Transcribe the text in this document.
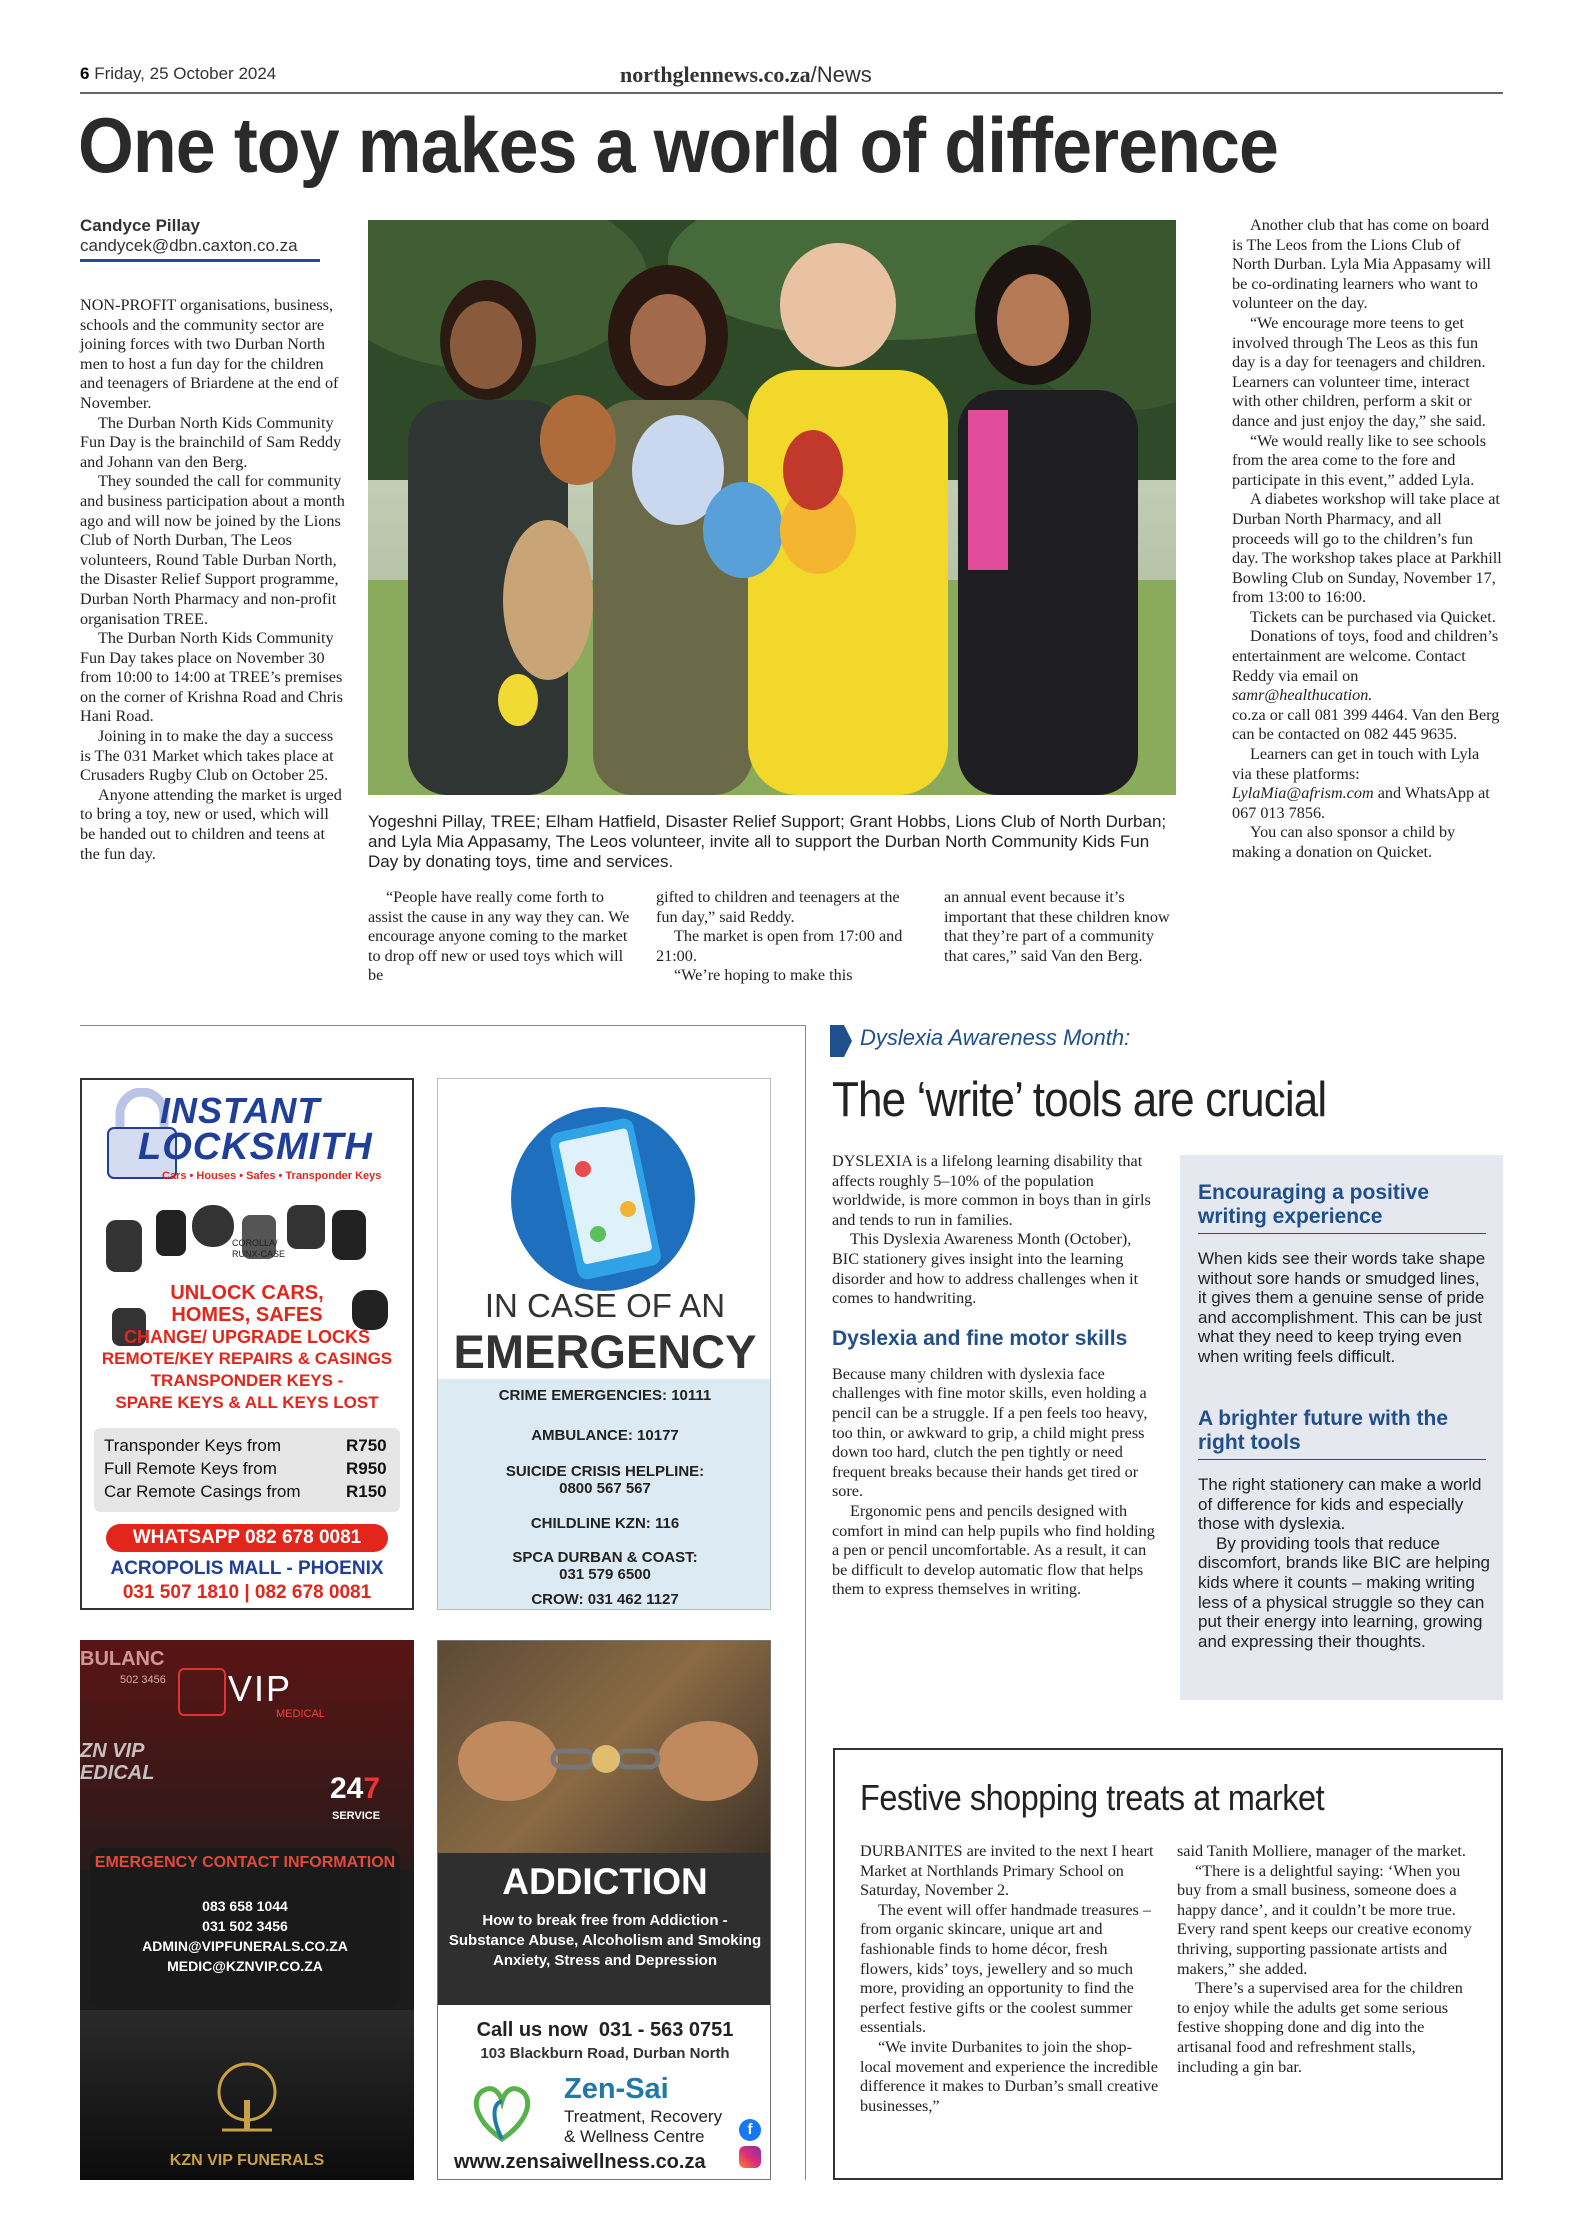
6 Friday, 25 October 2024	northglennews.co.za/News
One toy makes a world of difference
Candyce Pillay
candycek@dbn.caxton.co.za

NON-PROFIT organisations, business, schools and the community sector are joining forces with two Durban North men to host a fun day for the children and teenagers of Briardene at the end of November.

The Durban North Kids Community Fun Day is the brainchild of Sam Reddy and Johann van den Berg.

They sounded the call for community and business participation about a month ago and will now be joined by the Lions Club of North Durban, The Leos volunteers, Round Table Durban North, the Disaster Relief Support programme, Durban North Pharmacy and non-profit organisation TREE.

The Durban North Kids Community Fun Day takes place on November 30 from 10:00 to 14:00 at TREE’s premises on the corner of Krishna Road and Chris Hani Road.

Joining in to make the day a success is The 031 Market which takes place at Crusaders Rugby Club on October 25.

Anyone attending the market is urged to bring a toy, new or used, which will be handed out to children and teens at the fun day.

Yogeshni Pillay, TREE; Elham Hatfield, Disaster Relief Support; Grant Hobbs, Lions Club of North Durban; and Lyla Mia Appasamy, The Leos volunteer, invite all to support the Durban North Community Kids Fun Day by donating toys, time and services.

“People have really come forth to assist the cause in any way they can. We encourage anyone coming to the market to drop off new or used toys which will be

gifted to children and teenagers at the fun day,” said Reddy.

The market is open from 17:00 and 21:00.

“We’re hoping to make this

an annual event because it’s important that these children know that they’re part of a community that cares,” said Van den Berg.

Another club that has come on board is The Leos from the Lions Club of North Durban. Lyla Mia Appasamy will be co-ordinating learners who want to volunteer on the day.

“We encourage more teens to get involved through The Leos as this fun day is a day for teenagers and children. Learners can volunteer time, interact with other children, perform a skit or dance and just enjoy the day,” she said.

“We would really like to see schools from the area come to the fore and participate in this event,” added Lyla.

A diabetes workshop will take place at Durban North Pharmacy, and all proceeds will go to the children’s fun day. The workshop takes place at Parkhill Bowling Club on Sunday, November 17, from 13:00 to 16:00.

Tickets can be purchased via Quicket.

Donations of toys, food and children’s entertainment are welcome. Contact Reddy via email on samr@healthucation.
co.za or call 081 399 4464. Van den Berg can be contacted on 082 445 9635.

Learners can get in touch with Lyla via these platforms: LylaMia@afrism.com and WhatsApp at 067 013 7856.

You can also sponsor a child by making a donation on Quicket.

INSTANT
LOCKSMITH
Cars • Houses • Safes • Transponder Keys
COROLLA/ RUNX-CASE
UNLOCK CARS,
HOMES, SAFES
CHANGE/ UPGRADE LOCKS
REMOTE/KEY REPAIRS & CASINGS
TRANSPONDER KEYS -
SPARE KEYS & ALL KEYS LOST
Transponder Keys from
Full Remote Keys from
Car Remote Casings from
R750
R950
R150
WHATSAPP 082 678 0081
ACROPOLIS MALL - PHOENIX
031 507 1810 | 082 678 0081
IN CASE OF AN
EMERGENCY
CRIME EMERGENCIES: 10111
AMBULANCE: 10177
SUICIDE CRISIS HELPLINE:
0800 567 567
CHILDLINE KZN: 116
SPCA DURBAN & COAST:
031 579 6500
CROW: 031 462 1127
BULANC
502 3456
ZN VIP
EDICAL
VIP
MEDICAL
247
SERVICE
EMERGENCY CONTACT INFORMATION
083 658 1044
031 502 3456
ADMIN@VIPFUNERALS.CO.ZA
MEDIC@KZNVIP.CO.ZA
KZN VIP FUNERALS
ADDICTION
How to break free from Addiction -
Substance Abuse, Alcoholism and Smoking
Anxiety, Stress and Depression
Call us now  031 - 563 0751
103 Blackburn Road, Durban North
Zen-Sai
Treatment, Recovery
& Wellness Centre	f
www.zensaiwellness.co.za
Dyslexia Awareness Month:
The ‘write’ tools are crucial

DYSLEXIA is a lifelong learning disability that affects roughly 5–10% of the population worldwide, is more common in boys than in girls and tends to run in families.

This Dyslexia Awareness Month (October), BIC stationery gives insight into the learning disorder and how to address challenges when it comes to handwriting.

Dyslexia and fine motor skills

Because many children with dyslexia face challenges with fine motor skills, even holding a pencil can be a struggle. If a pen feels too heavy, too thin, or awkward to grip, a child might press down too hard, clutch the pen tightly or need frequent breaks because their hands get tired or sore.

Ergonomic pens and pencils designed with comfort in mind can help pupils who find holding a pen or pencil uncomfortable. As a result, it can be difficult to develop automatic flow that helps them to express themselves in writing.

Encouraging a positive writing experience

When kids see their words take shape without sore hands or smudged lines, it gives them a genuine sense of pride and accomplishment. This can be just what they need to keep trying even when writing feels difficult.

A brighter future with the right tools

The right stationery can make a world of difference for kids and especially those with dyslexia.

By providing tools that reduce discomfort, brands like BIC are helping kids where it counts – making writing less of a physical struggle so they can put their energy into learning, growing and expressing their thoughts.

Festive shopping treats at market

DURBANITES are invited to the next I heart Market at Northlands Primary School on Saturday, November 2.

The event will offer handmade treasures – from organic skincare, unique art and fashionable finds to home décor, fresh flowers, kids’ toys, jewellery and so much more, providing an opportunity to find the perfect festive gifts or the coolest summer essentials.

“We invite Durbanites to join the shop-local movement and experience the incredible difference it makes to Durban’s small creative businesses,”

said Tanith Molliere, manager of the market.

“There is a delightful saying: ‘When you buy from a small business, someone does a happy dance’, and it couldn’t be more true. Every rand spent keeps our creative economy thriving, supporting passionate artists and makers,” she added.

There’s a supervised area for the children to enjoy while the adults get some serious festive shopping done and dig into the artisanal food and refreshment stalls, including a gin bar.
